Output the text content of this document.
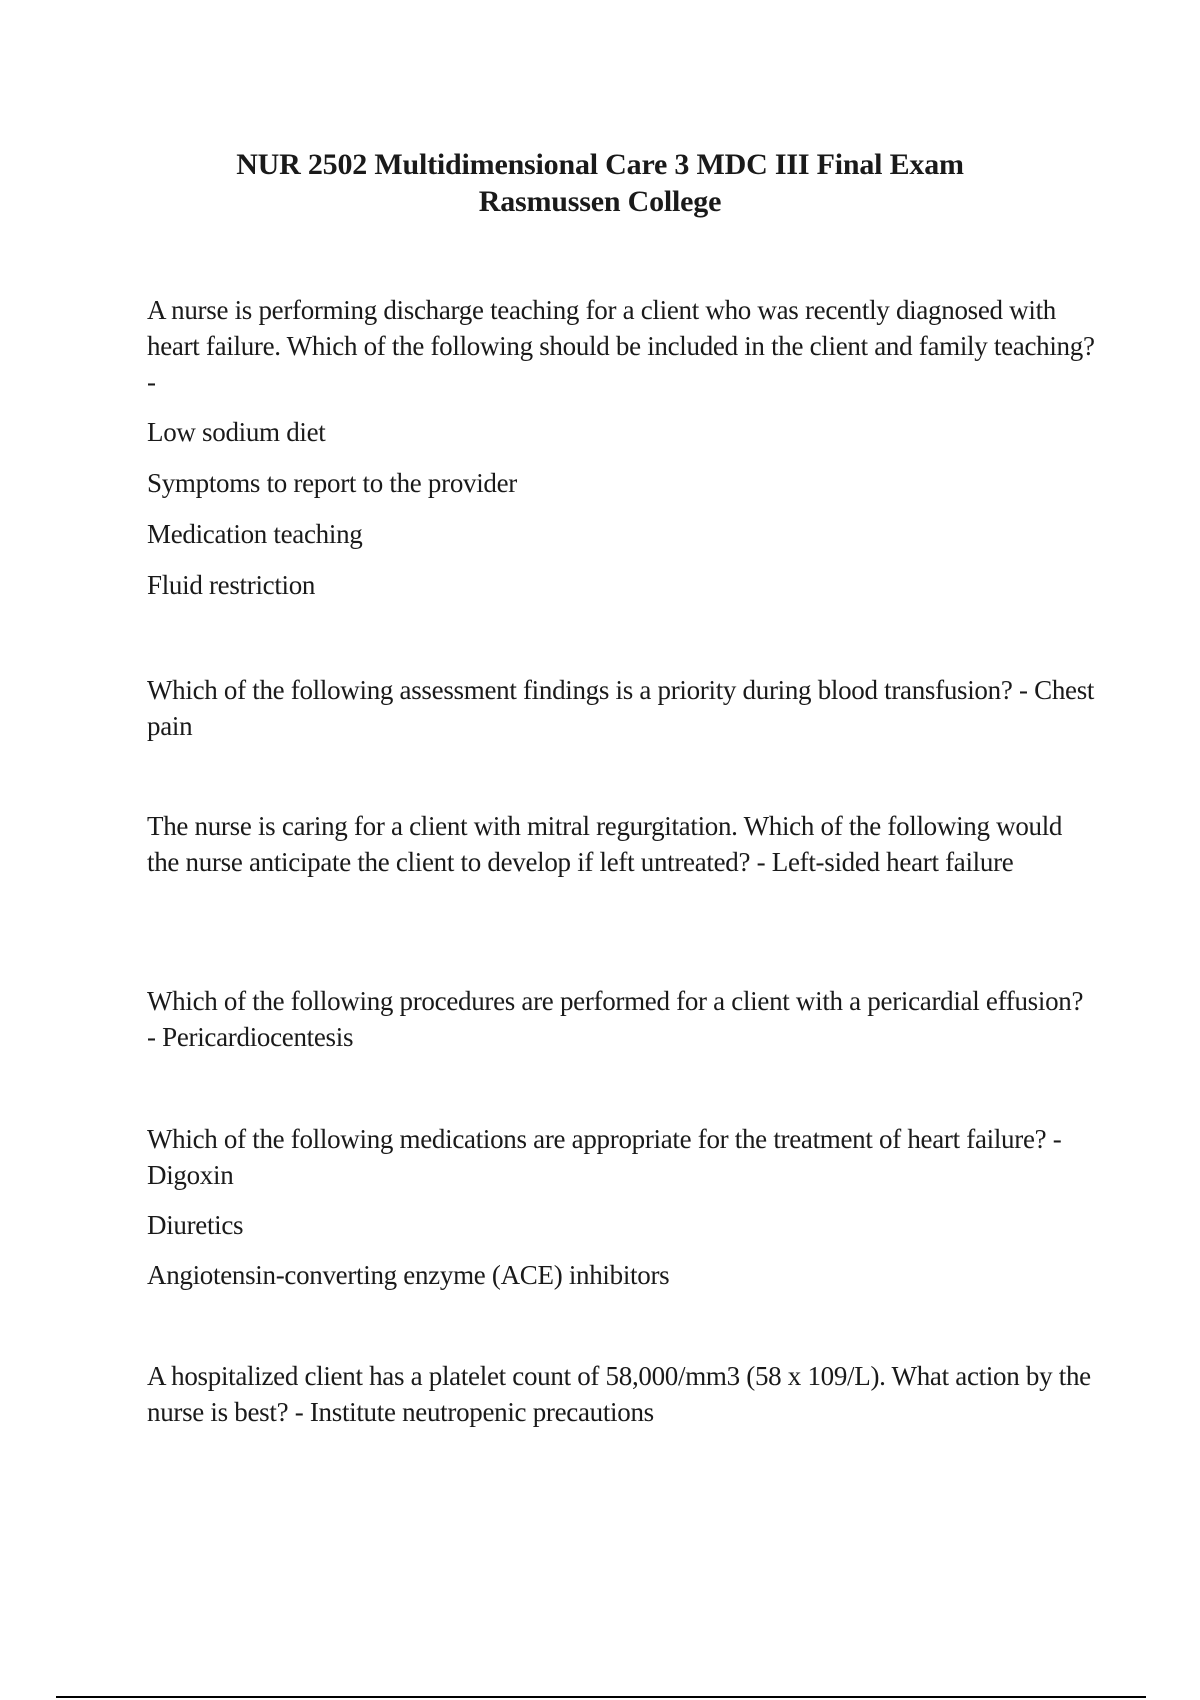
NUR 2502 Multidimensional Care 3 MDC III Final Exam
Rasmussen College

A nurse is performing discharge teaching for a client who was recently diagnosed with heart failure. Which of the following should be included in the client and family teaching? -

Low sodium diet

Symptoms to report to the provider

Medication teaching

Fluid restriction

Which of the following assessment findings is a priority during blood transfusion? - Chest pain

The nurse is caring for a client with mitral regurgitation. Which of the following would the nurse anticipate the client to develop if left untreated? - Left-sided heart failure

Which of the following procedures are performed for a client with a pericardial effusion? - Pericardiocentesis

Which of the following medications are appropriate for the treatment of heart failure? - Digoxin

Diuretics

Angiotensin-converting enzyme (ACE) inhibitors

A hospitalized client has a platelet count of 58,000/mm3 (58 x 109/L). What action by the nurse is best? - Institute neutropenic precautions
